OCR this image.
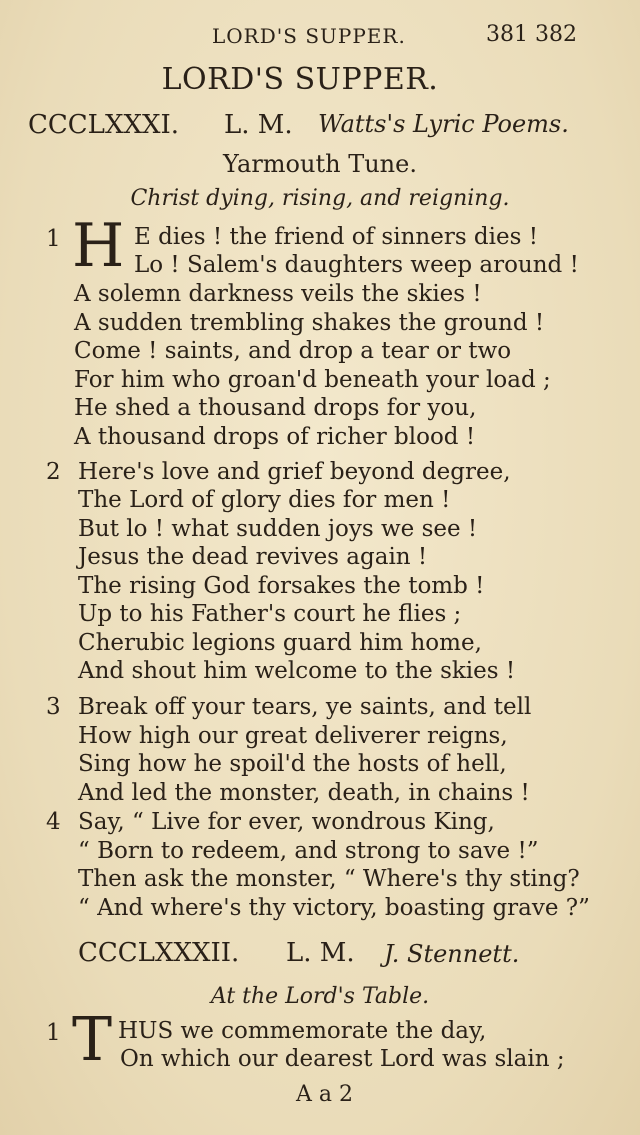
LORD'S SUPPER.	381 382
LORD'S SUPPER.
CCCLXXXI. L. M. Watts's Lyric Poems.
Yarmouth Tune.
Christ dying, rising, and reigning.
1 H E dies ! the friend of sinners dies !
Lo ! Salem's daughters weep around !
A solemn darkness veils the skies !
A sudden trembling shakes the ground !
Come ! saints, and drop a tear or two
For him who groan'd beneath your load ;
He shed a thousand drops for you,
A thousand drops of richer blood !
2 Here's love and grief beyond degree,
The Lord of glory dies for men !
But lo ! what sudden joys we see !
Jesus the dead revives again !
The rising God forsakes the tomb !
Up to his Father's court he flies ;
Cherubic legions guard him home,
And shout him welcome to the skies !
3 Break off your tears, ye saints, and tell
How high our great deliverer reigns,
Sing how he spoil'd the hosts of hell,
And led the monster, death, in chains !
4 Say, “ Live for ever, wondrous King,
“ Born to redeem, and strong to save !”
Then ask the monster, “ Where's thy sting?
“ And where's thy victory, boasting grave ?”
CCCLXXXII. L. M. J. Stennett.
At the Lord's Table.
1 T HUS we commemorate the day,
On which our dearest Lord was slain ;
A a 2
